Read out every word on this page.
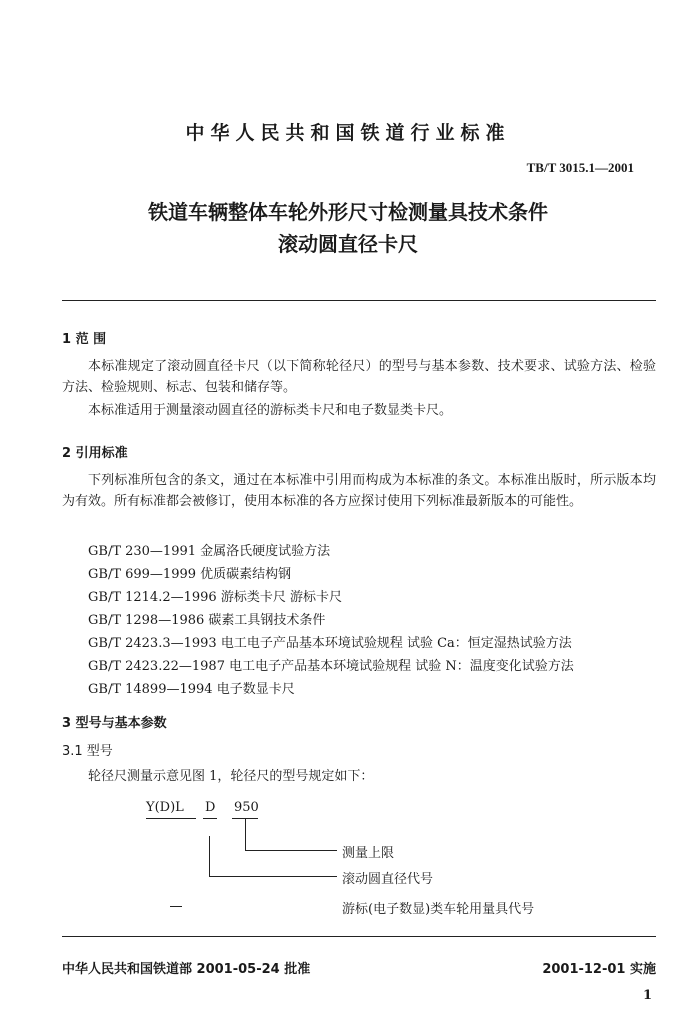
中华人民共和国铁道行业标准
TB/T 3015.1—2001
铁道车辆整体车轮外形尺寸检测量具技术条件
滚动圆直径卡尺
1 范 围
本标准规定了滚动圆直径卡尺（以下简称轮径尺）的型号与基本参数、技术要求、试验方法、检验方法、检验规则、标志、包装和储存等。
本标准适用于测量滚动圆直径的游标类卡尺和电子数显类卡尺。
2 引用标准
下列标准所包含的条文，通过在本标准中引用而构成为本标准的条文。本标准出版时，所示版本均为有效。所有标准都会被修订，使用本标准的各方应探讨使用下列标准最新版本的可能性。
GB/T 230—1991 金属洛氏硬度试验方法
GB/T 699—1999 优质碳素结构钢
GB/T 1214.2—1996 游标类卡尺 游标卡尺
GB/T 1298—1986 碳素工具钢技术条件
GB/T 2423.3—1993 电工电子产品基本环境试验规程 试验 Ca：恒定湿热试验方法
GB/T 2423.22—1987 电工电子产品基本环境试验规程 试验 N：温度变化试验方法
GB/T 14899—1994 电子数显卡尺
3 型号与基本参数
3.1 型号
轮径尺测量示意见图 1，轮径尺的型号规定如下：
Y(D)L D 950
测量上限
滚动圆直径代号
游标(电子数显)类车轮用量具代号
中华人民共和国铁道部 2001-05-24 批准	2001-12-01 实施
1
